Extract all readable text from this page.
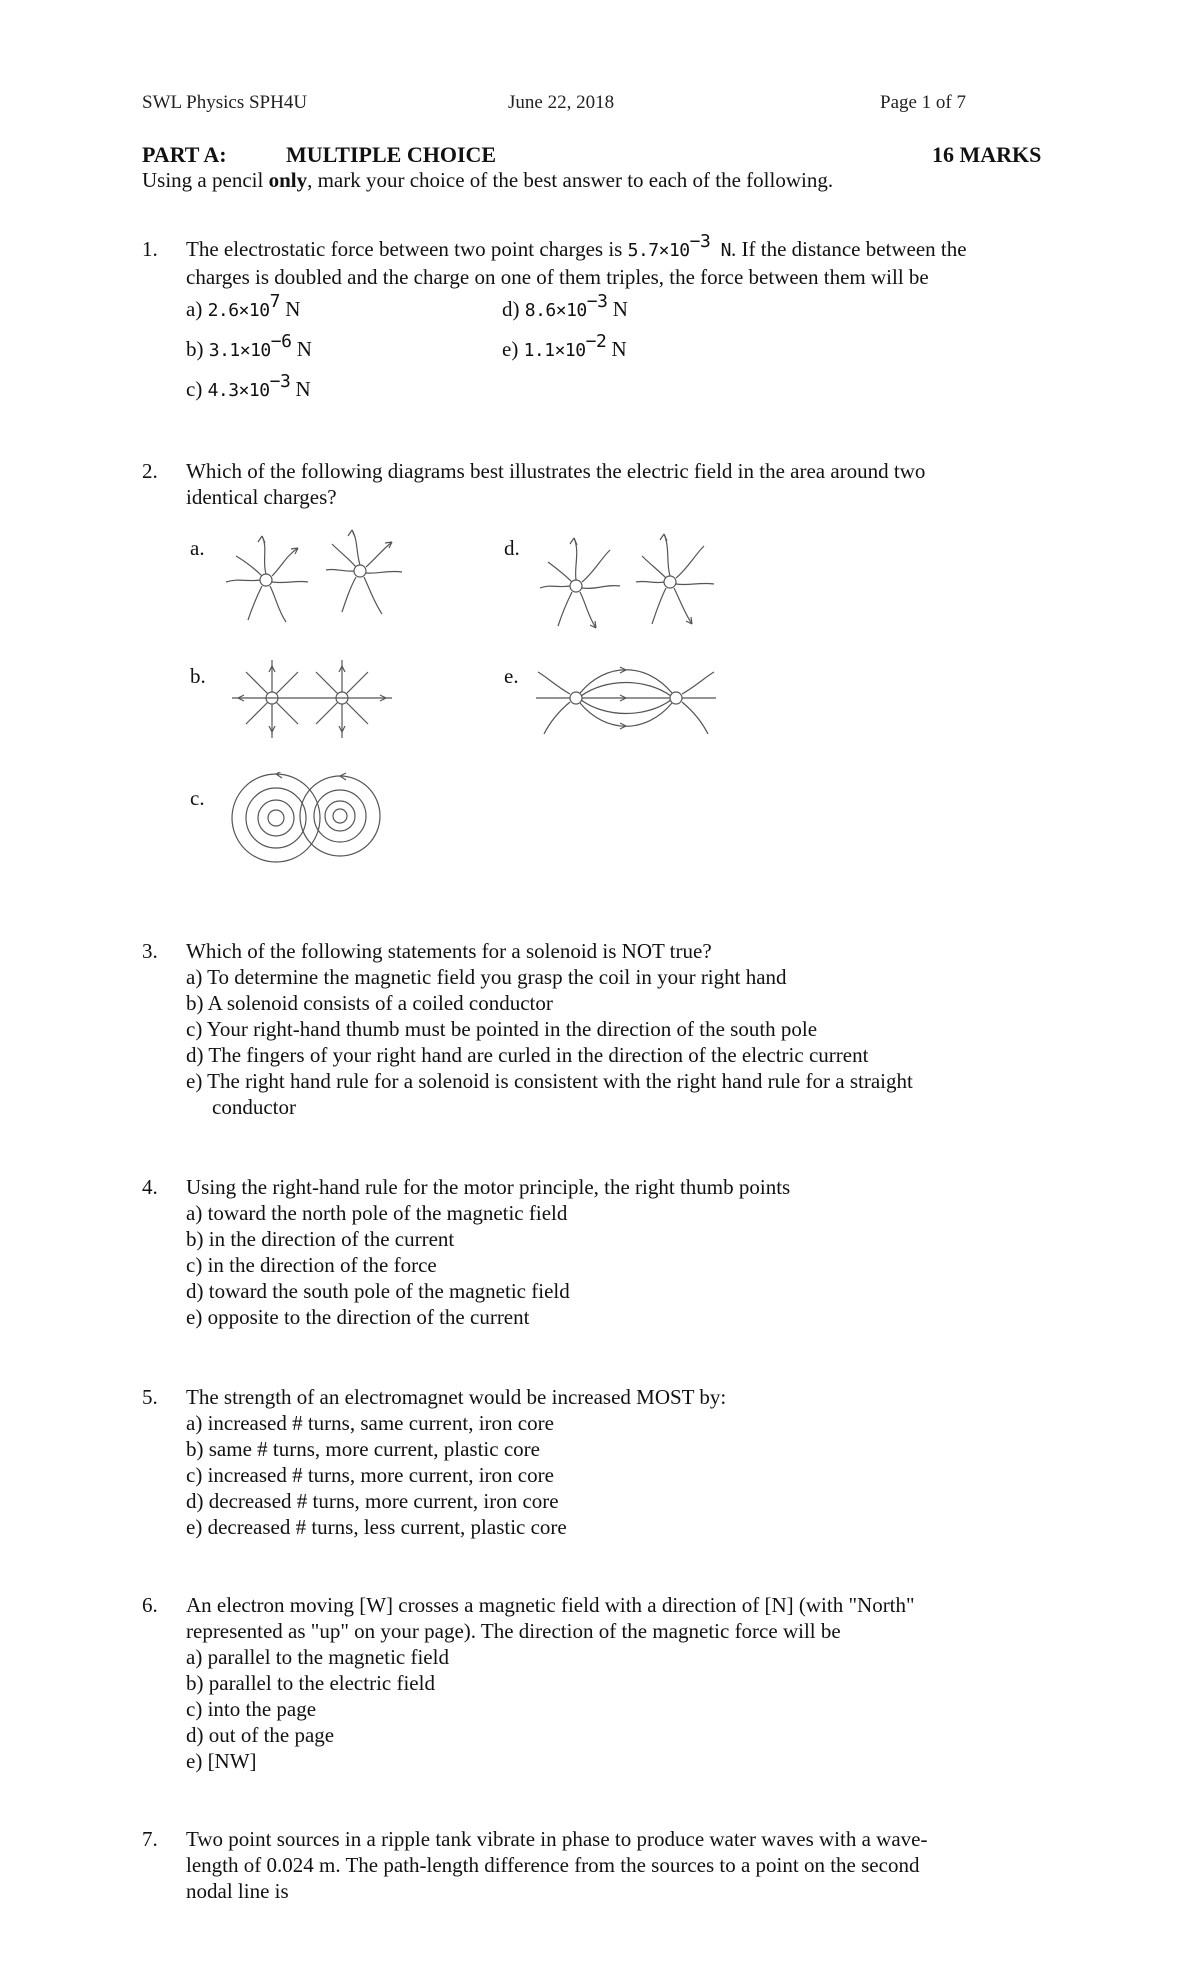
SWL Physics SPH4U	June 22, 2018	Page 1 of 7
PART A:	MULTIPLE CHOICE	16 MARKS
Using a pencil only, mark your choice of the best answer to each of the following.
1. The electrostatic force between two point charges is $5.7\times 10^{-3}$ N. If the distance between the
charges is doubled and the charge on one of them triples, the force between them will be
a) $2.6\times 10^7$ N
b) $3.1\times 10^{-6}$ N
c) $4.3\times 10^{-3}$ N
d) $8.6\times 10^{-3}$ N
e) $1.1\times 10^{-2}$ N
2. Which of the following diagrams best illustrates the electric field in the area around two
identical charges?
a.
b.
c.
d.
e.
3. Which of the following statements for a solenoid is NOT true?
a) To determine the magnetic field you grasp the coil in your right hand
b) A solenoid consists of a coiled conductor
c) Your right-hand thumb must be pointed in the direction of the south pole
d) The fingers of your right hand are curled in the direction of the electric current
e) The right hand rule for a solenoid is consistent with the right hand rule for a straight
conductor
4. Using the right-hand rule for the motor principle, the right thumb points
a) toward the north pole of the magnetic field
b) in the direction of the current
c) in the direction of the force
d) toward the south pole of the magnetic field
e) opposite to the direction of the current
5. The strength of an electromagnet would be increased MOST by:
a) increased # turns, same current, iron core
b) same # turns, more current, plastic core
c) increased # turns, more current, iron core
d) decreased # turns, more current, iron core
e) decreased # turns, less current, plastic core
6. An electron moving [W] crosses a magnetic field with a direction of [N] (with "North"
represented as "up" on your page). The direction of the magnetic force will be
a) parallel to the magnetic field
b) parallel to the electric field
c) into the page
d) out of the page
e) [NW]
7. Two point sources in a ripple tank vibrate in phase to produce water waves with a wave-
length of 0.024 m. The path-length difference from the sources to a point on the second
nodal line is
